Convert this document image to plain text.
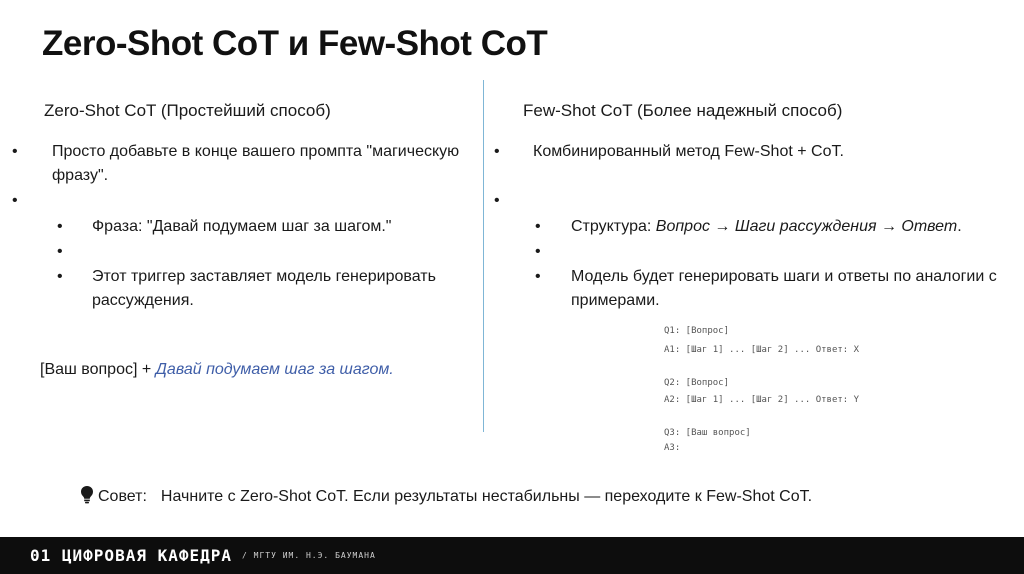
Zero-Shot CoT и Few-Shot CoT
Zero-Shot CoT (Простейший способ)
• Просто добавьте в конце вашего промпта "магическую
фразу".
•
• Фраза: "Давай подумаем шаг за шагом."
•
• Этот триггер заставляет модель генерировать
рассуждения.
[Ваш вопрос] + Давай подумаем шаг за шагом.
Few-Shot CoT (Более надежный способ)
• Комбинированный метод Few-Shot + CoT.
•
• Структура: Вопрос → Шаги рассуждения → Ответ.
•
• Модель будет генерировать шаги и ответы по аналогии с
примерами.
Q1: [Вопрос]
A1: [Шаг 1] ... [Шаг 2] ... Ответ: X
Q2: [Вопрос]
A2: [Шаг 1] ... [Шаг 2] ... Ответ: Y
Q3: [Ваш вопрос]
A3:
Совет: Начните с Zero-Shot CoT. Если результаты нестабильны — переходите к Few-Shot CoT.
01 ЦИФРОВАЯ КАФЕДРА / МГТУ ИМ. Н.Э. БАУМАНА
